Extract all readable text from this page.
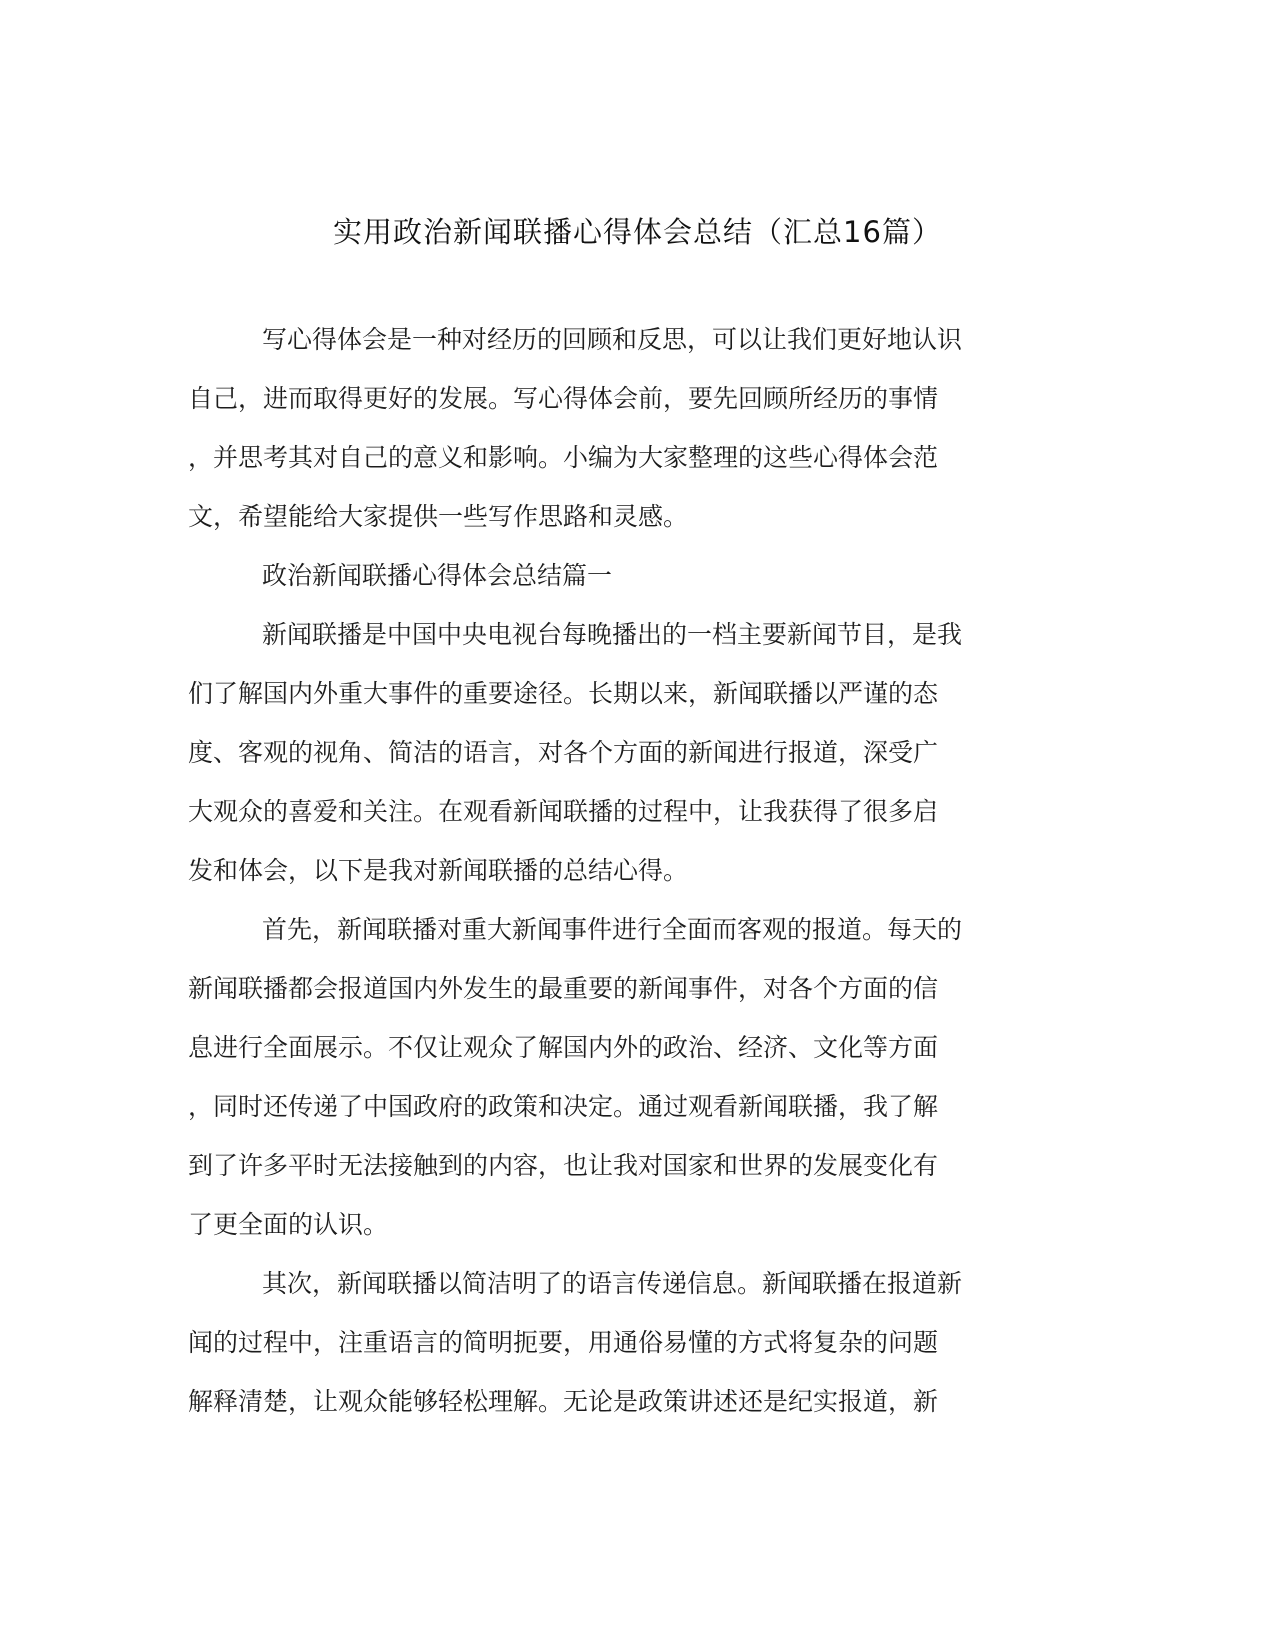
实用政治新闻联播心得体会总结（汇总16篇）

写心得体会是一种对经历的回顾和反思，可以让我们更好地认识

自己，进而取得更好的发展。写心得体会前，要先回顾所经历的事情

，并思考其对自己的意义和影响。小编为大家整理的这些心得体会范

文，希望能给大家提供一些写作思路和灵感。

政治新闻联播心得体会总结篇一

新闻联播是中国中央电视台每晚播出的一档主要新闻节目，是我

们了解国内外重大事件的重要途径。长期以来，新闻联播以严谨的态

度、客观的视角、简洁的语言，对各个方面的新闻进行报道，深受广

大观众的喜爱和关注。在观看新闻联播的过程中，让我获得了很多启

发和体会，以下是我对新闻联播的总结心得。

首先，新闻联播对重大新闻事件进行全面而客观的报道。每天的

新闻联播都会报道国内外发生的最重要的新闻事件，对各个方面的信

息进行全面展示。不仅让观众了解国内外的政治、经济、文化等方面

，同时还传递了中国政府的政策和决定。通过观看新闻联播，我了解

到了许多平时无法接触到的内容，也让我对国家和世界的发展变化有

了更全面的认识。

其次，新闻联播以简洁明了的语言传递信息。新闻联播在报道新

闻的过程中，注重语言的简明扼要，用通俗易懂的方式将复杂的问题

解释清楚，让观众能够轻松理解。无论是政策讲述还是纪实报道，新
